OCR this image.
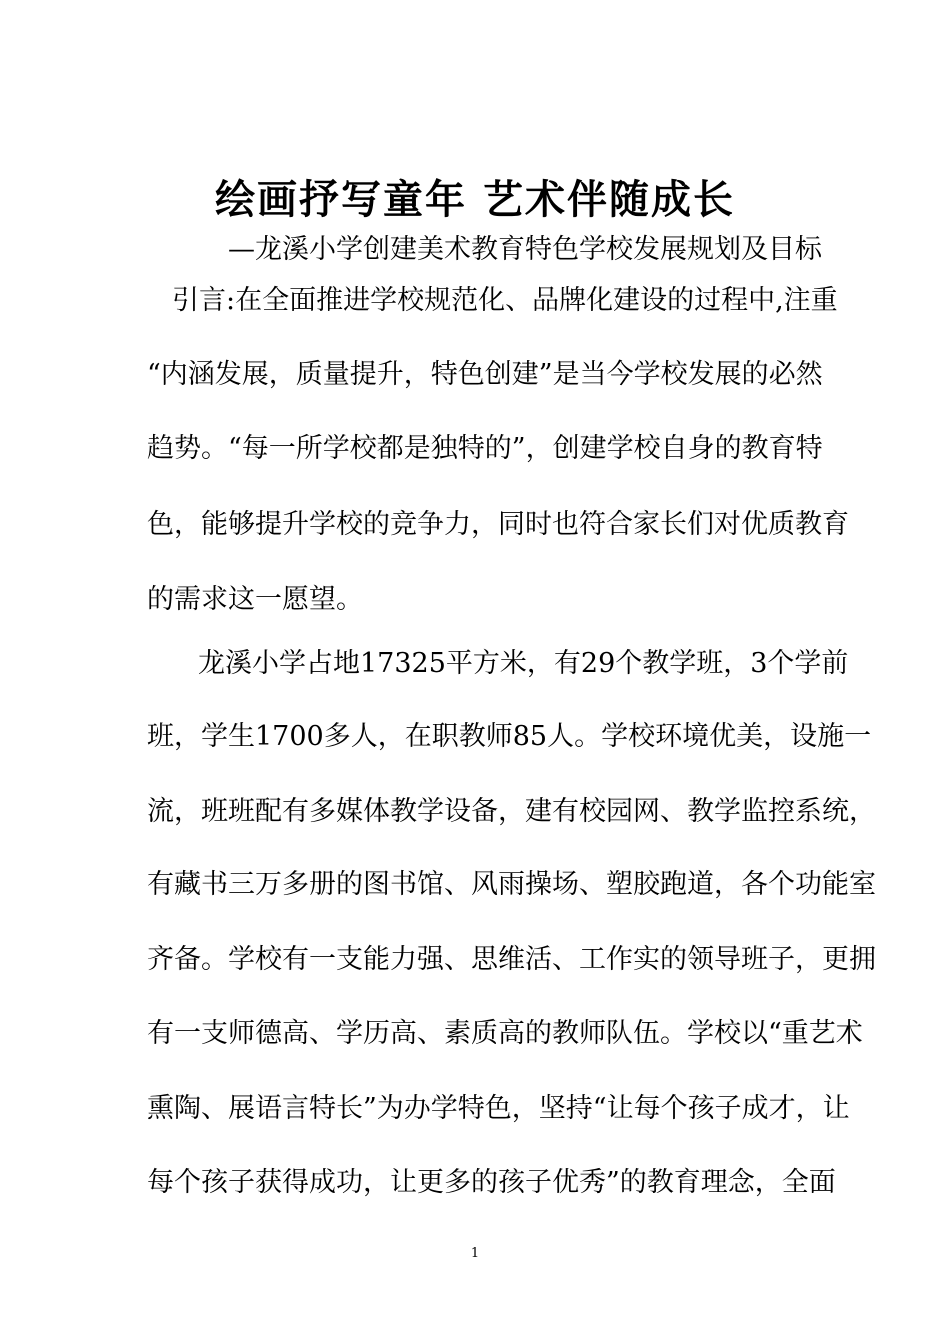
绘画抒写童年 艺术伴随成长
—龙溪小学创建美术教育特色学校发展规划及目标
引言:在全面推进学校规范化、品牌化建设的过程中,注重
“内涵发展，质量提升，特色创建”是当今学校发展的必然
趋势。“每一所学校都是独特的”，创建学校自身的教育特
色，能够提升学校的竞争力，同时也符合家长们对优质教育
的需求这一愿望。
龙溪小学占地17325平方米，有29个教学班，3个学前
班，学生1700多人，在职教师85人。学校环境优美，设施一
流，班班配有多媒体教学设备，建有校园网、教学监控系统，
有藏书三万多册的图书馆、风雨操场、塑胶跑道，各个功能室
齐备。学校有一支能力强、思维活、工作实的领导班子，更拥
有一支师德高、学历高、素质高的教师队伍。学校以“重艺术
熏陶、展语言特长”为办学特色，坚持“让每个孩子成才，让
每个孩子获得成功，让更多的孩子优秀”的教育理念，全面
1
